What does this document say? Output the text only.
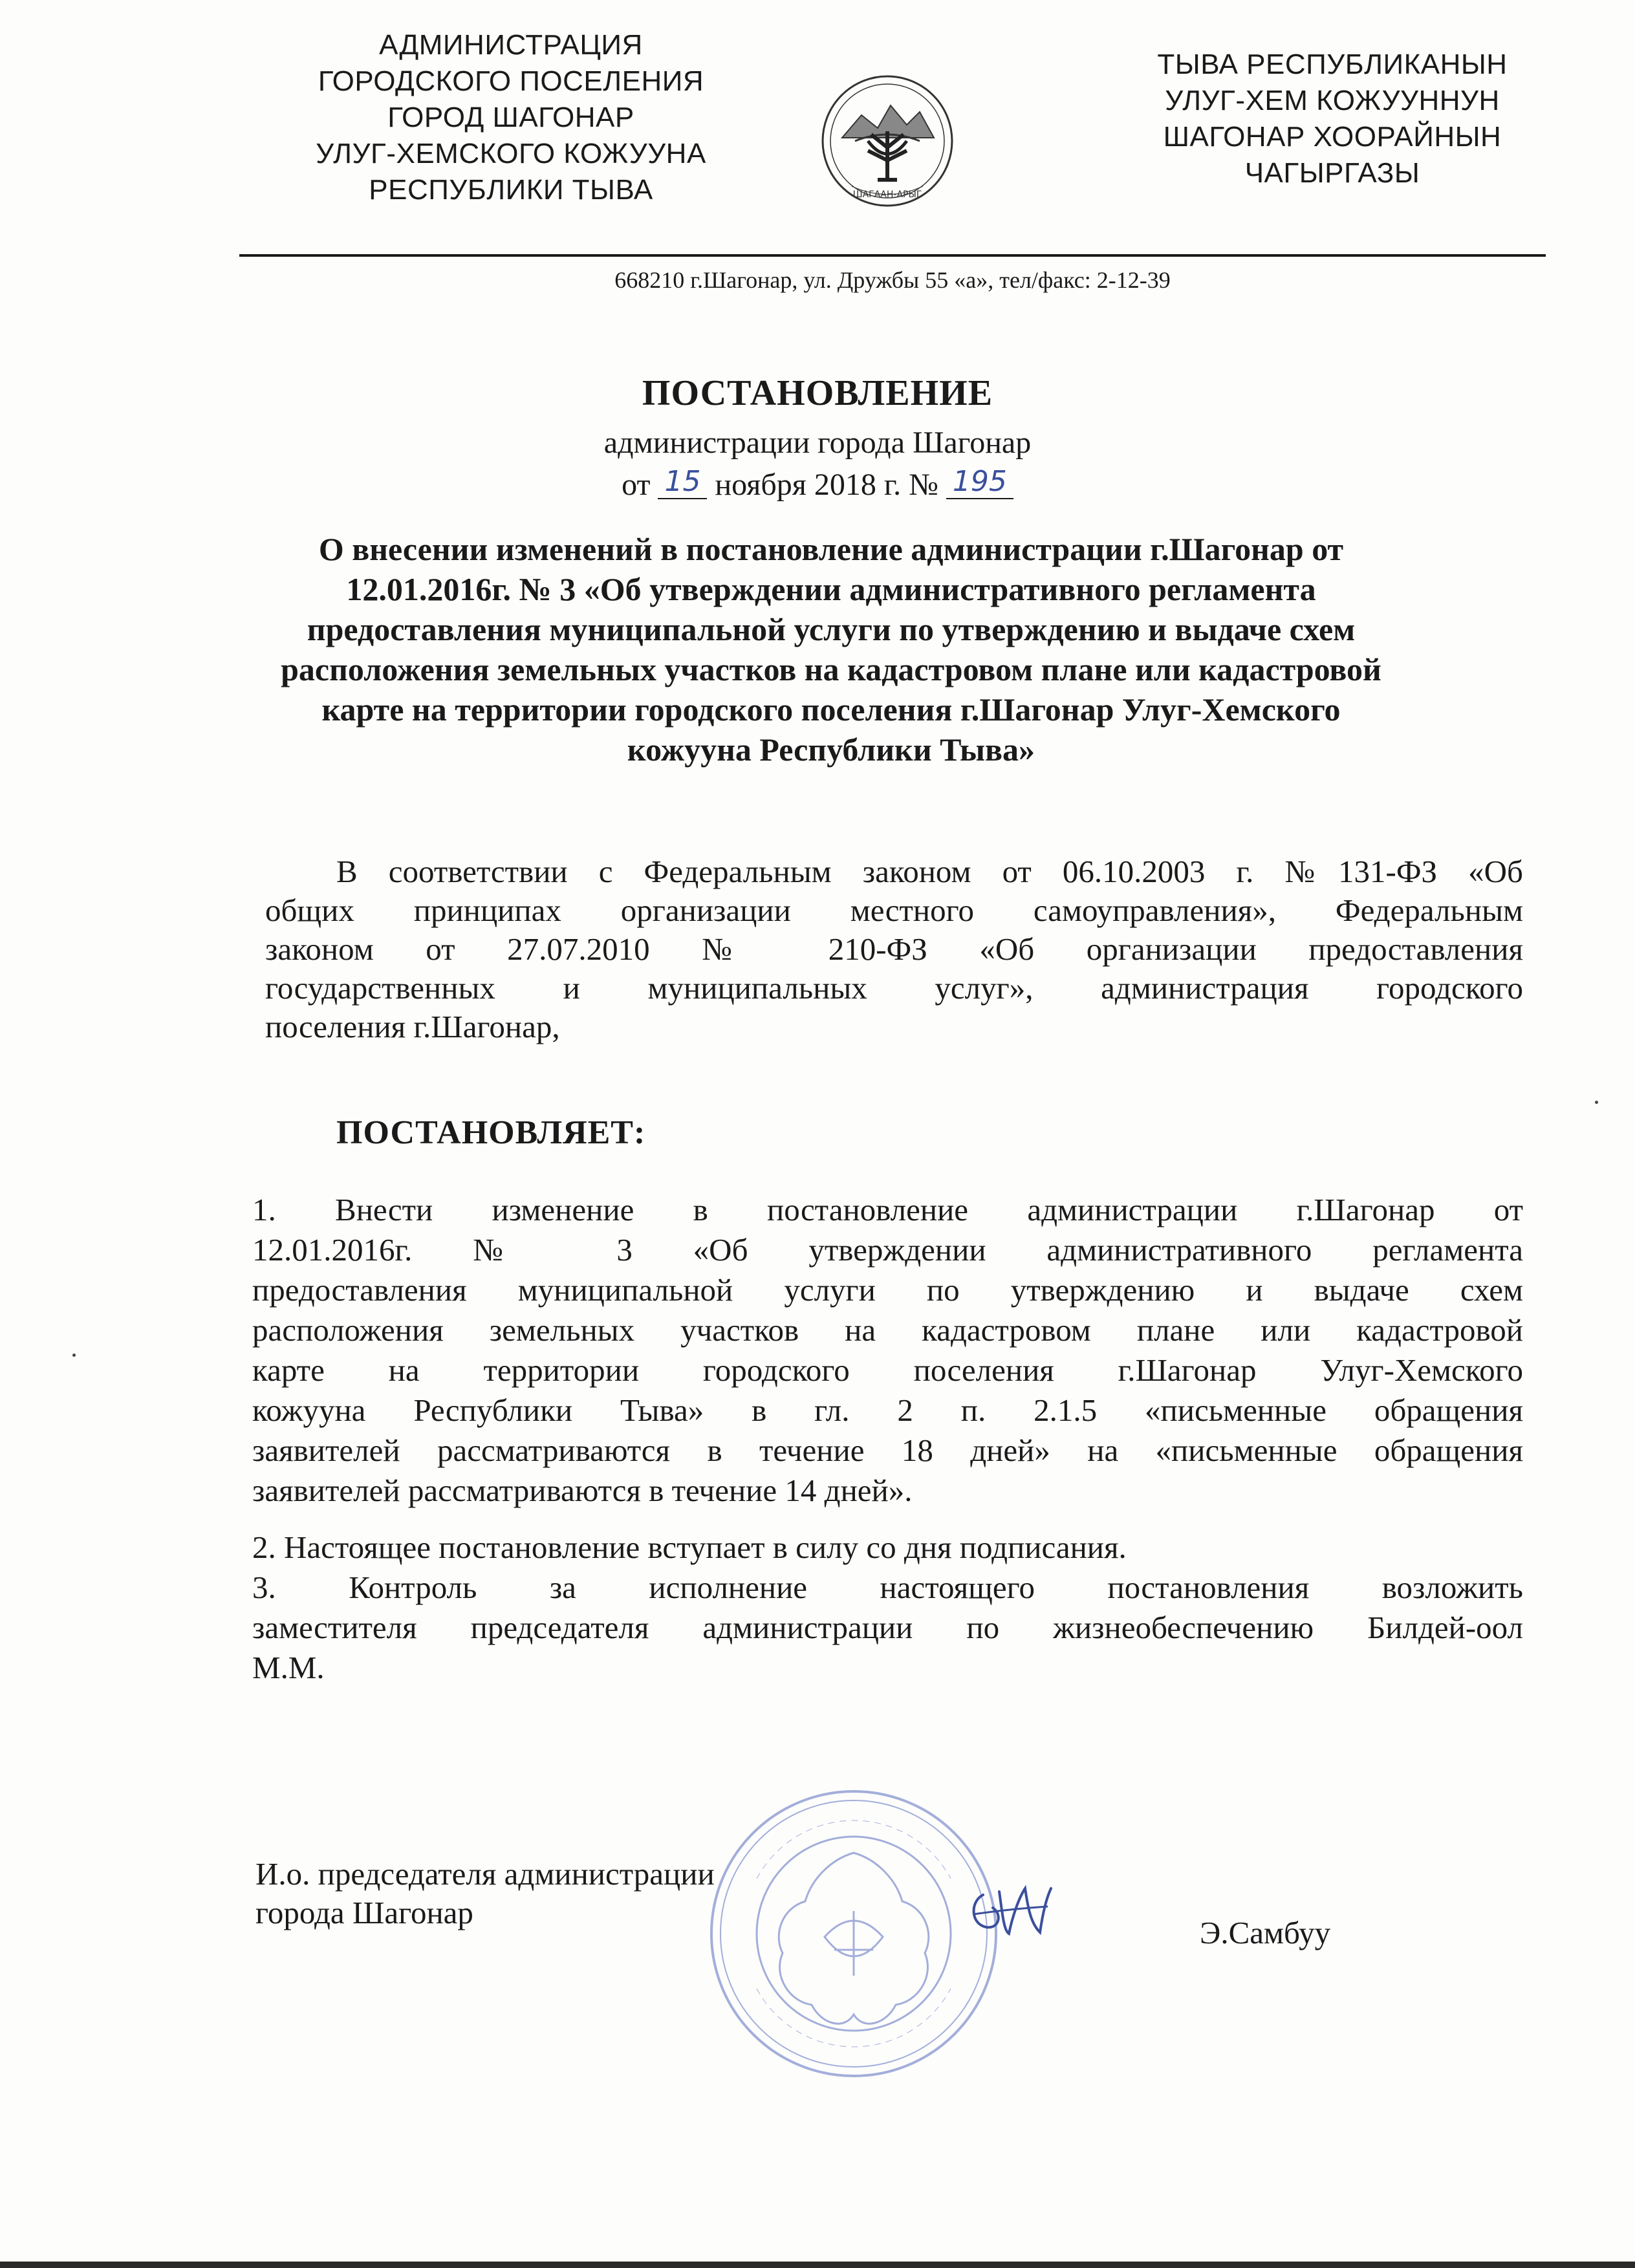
АДМИНИСТРАЦИЯ
ГОРОДСКОГО ПОСЕЛЕНИЯ
ГОРОД ШАГОНАР
УЛУГ-ХЕМСКОГО КОЖУУНА
РЕСПУБЛИКИ ТЫВА	ШАГААН-АРЫГ
ТЫВА РЕСПУБЛИКАНЫН
УЛУГ-ХЕМ КОЖУУННУН
ШАГОНАР ХООРАЙНЫН
ЧАГЫРГАЗЫ
668210 г.Шагонар, ул. Дружбы 55 «а», тел/факс: 2-12-39
ПОСТАНОВЛЕНИЕ
администрации города Шагонар
от 15 ноября 2018 г. № 195
О внесении изменений в постановление администрации г.Шагонар от
12.01.2016г. № 3 «Об утверждении административного регламента
предоставления муниципальной услуги по утверждению и выдаче схем
расположения земельных участков на кадастровом плане или кадастровой
карте на территории городского поселения г.Шагонар Улуг-Хемского
кожууна Республики Тыва»
В соответствии с Федеральным законом от 06.10.2003 г. №131-ФЗ «Об
общих принципах организации местного самоуправления», Федеральным
законом от 27.07.2010 № 210-ФЗ «Об организации предоставления
государственных и муниципальных услуг», администрация городского
поселения г.Шагонар,
ПОСТАНОВЛЯЕТ:
1. Внести изменение в постановление администрации г.Шагонар от
12.01.2016г. № 3 «Об утверждении административного регламента
предоставления муниципальной услуги по утверждению и выдаче схем
расположения земельных участков на кадастровом плане или кадастровой
карте на территории городского поселения г.Шагонар Улуг-Хемского
кожууна Республики Тыва» в гл. 2 п. 2.1.5 «письменные обращения
заявителей рассматриваются в течение 18 дней» на «письменные обращения
заявителей рассматриваются в течение 14 дней».
2. Настоящее постановление вступает в силу со дня подписания.
3. Контроль за исполнение настоящего постановления возложить
заместителя председателя администрации по жизнеобеспечению Билдей-оол
М.М.
И.о. председателя администрации
города Шагонар
Э.Самбуу
